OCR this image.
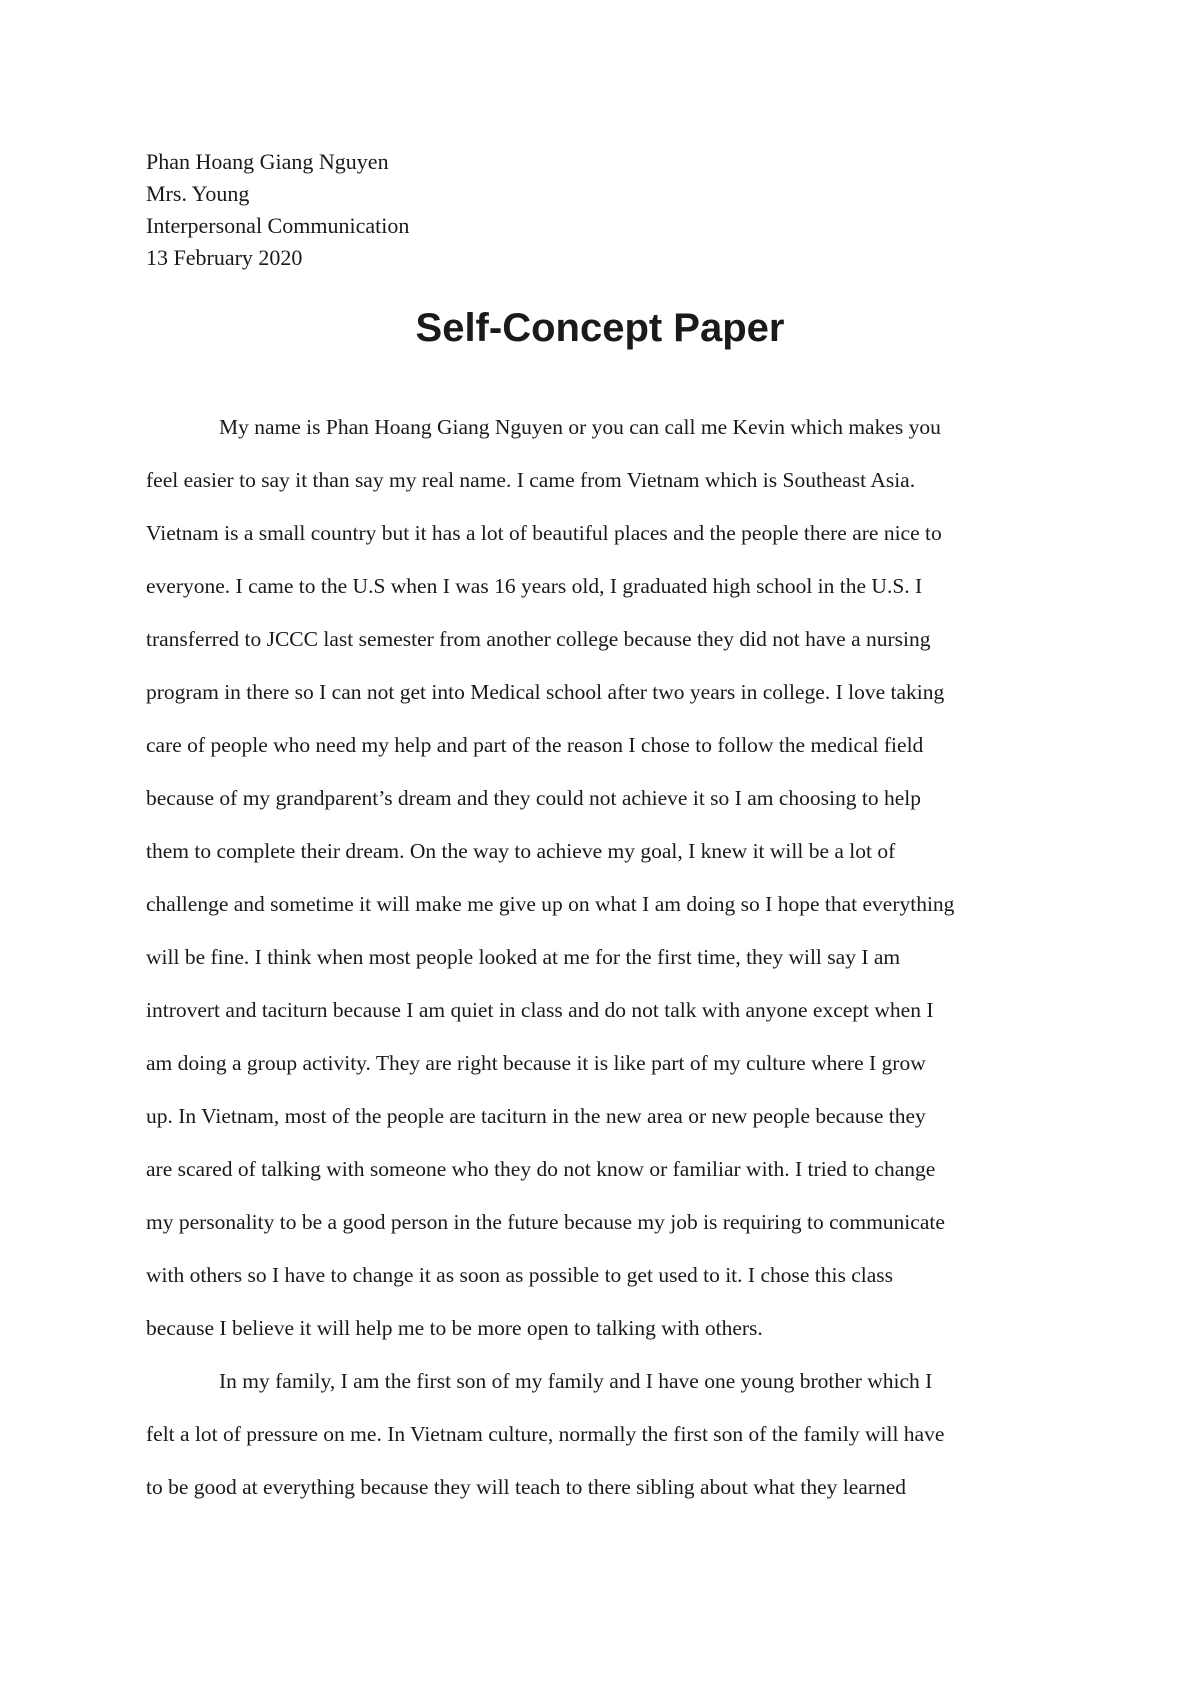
Phan Hoang Giang Nguyen
Mrs. Young
Interpersonal Communication
13 February 2020
Self-Concept Paper
My name is Phan Hoang Giang Nguyen or you can call me Kevin which makes you
feel easier to say it than say my real name. I came from Vietnam which is Southeast Asia.
Vietnam is a small country but it has a lot of beautiful places and the people there are nice to
everyone. I came to the U.S when I was 16 years old, I graduated high school in the U.S. I
transferred to JCCC last semester from another college because they did not have a nursing
program in there so I can not get into Medical school after two years in college. I love taking
care of people who need my help and part of the reason I chose to follow the medical field
because of my grandparent’s dream and they could not achieve it so I am choosing to help
them to complete their dream. On the way to achieve my goal, I knew it will be a lot of
challenge and sometime it will make me give up on what I am doing so I hope that everything
will be fine. I think when most people looked at me for the first time, they will say I am
introvert and taciturn because I am quiet in class and do not talk with anyone except when I
am doing a group activity. They are right because it is like part of my culture where I grow
up. In Vietnam, most of the people are taciturn in the new area or new people because they
are scared of talking with someone who they do not know or familiar with. I tried to change
my personality to be a good person in the future because my job is requiring to communicate
with others so I have to change it as soon as possible to get used to it. I chose this class
because I believe it will help me to be more open to talking with others.
In my family, I am the first son of my family and I have one young brother which I
felt a lot of pressure on me. In Vietnam culture, normally the first son of the family will have
to be good at everything because they will teach to there sibling about what they learned
